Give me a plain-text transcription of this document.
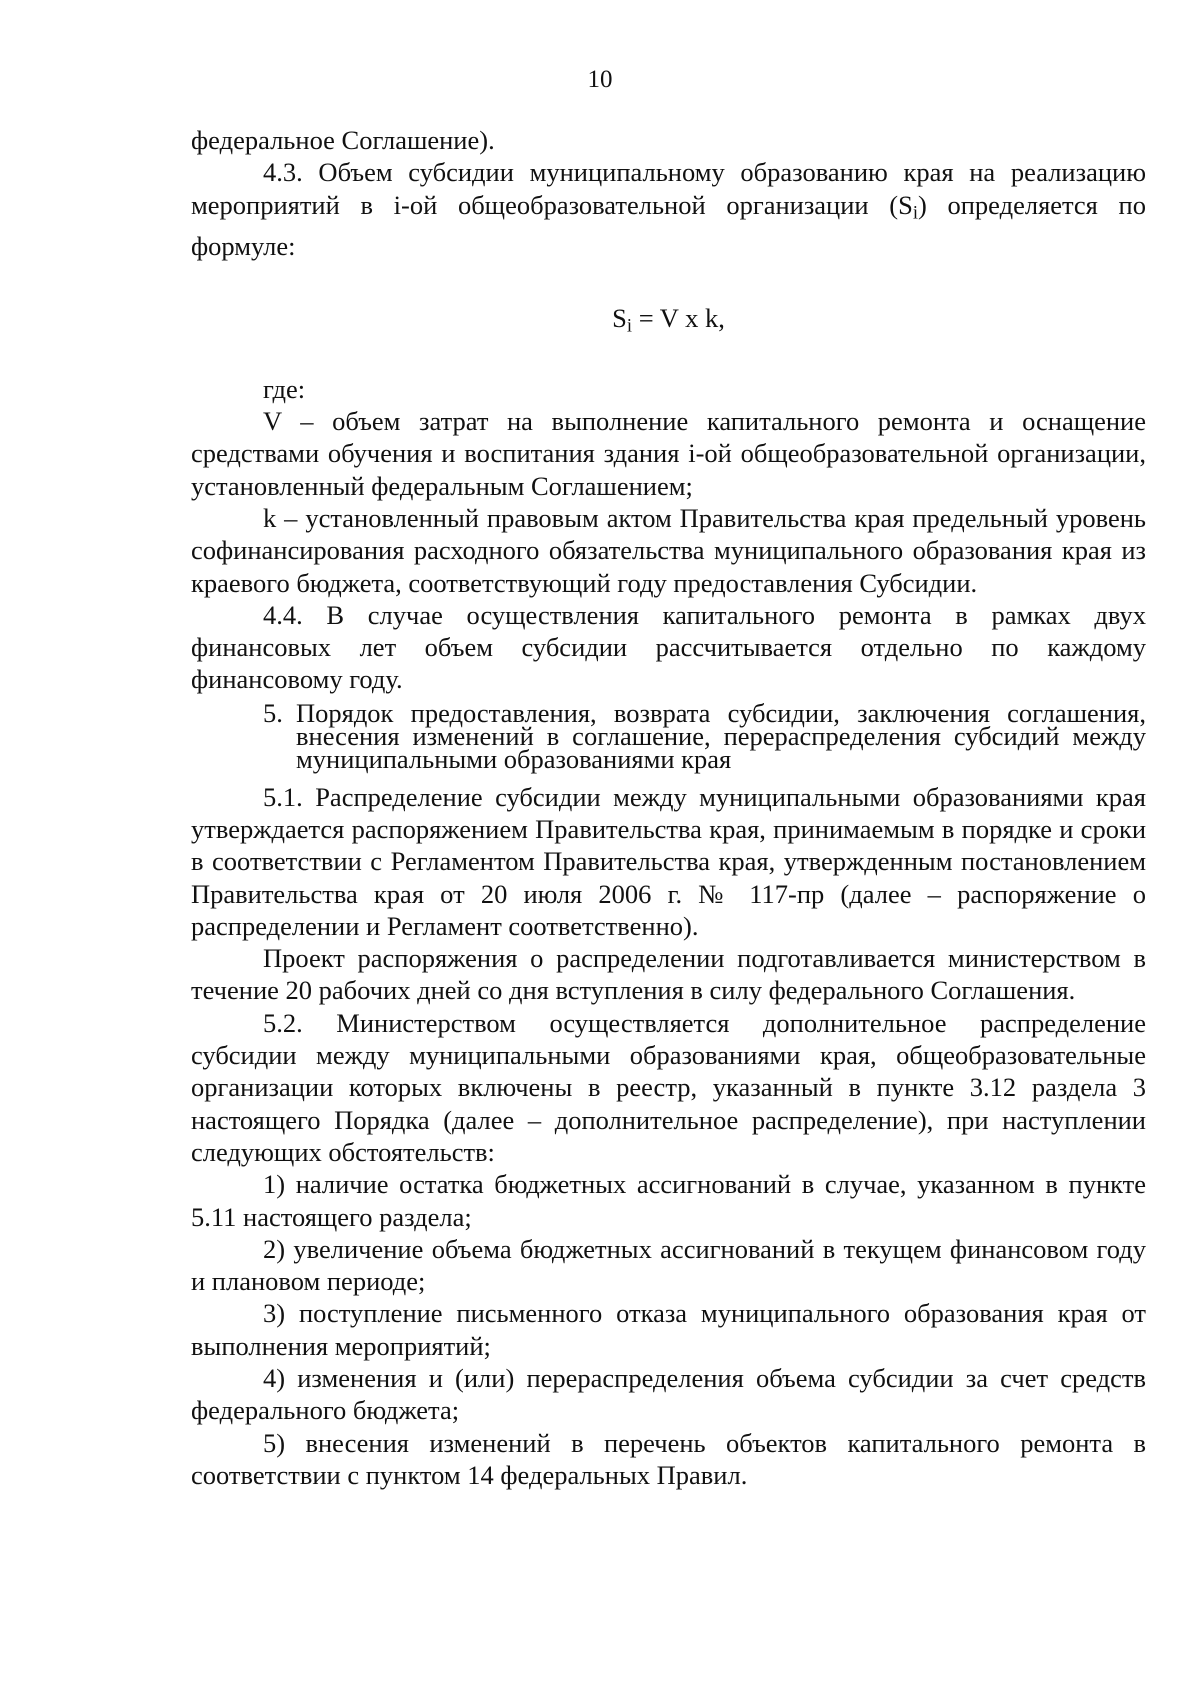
10

федеральное Соглашение).

4.3. Объем субсидии муниципальному образованию края на реализацию мероприятий в i-ой общеобразовательной организации $(S_i)$ определяется по формуле:

$S_i = V$ x k,

где:

V – объем затрат на выполнение капитального ремонта и оснащение средствами обучения и воспитания здания i-ой общеобразовательной организации, установленный федеральным Соглашением;

k – установленный правовым актом Правительства края предельный уровень софинансирования расходного обязательства муниципального образования края из краевого бюджета, соответствующий году предоставления Субсидии.

4.4. В случае осуществления капитального ремонта в рамках двух финансовых лет объем субсидии рассчитывается отдельно по каждому финансовому году.

5. Порядок предоставления, возврата субсидии, заключения соглашения, внесения изменений в соглашение, перераспределения субсидий между муниципальными образованиями края

5.1. Распределение субсидии между муниципальными образованиями края утверждается распоряжением Правительства края, принимаемым в порядке и сроки в соответствии с Регламентом Правительства края, утвержденным постановлением Правительства края от 20 июля 2006 г. № 117-пр (далее – распоряжение о распределении и Регламент соответственно).

Проект распоряжения о распределении подготавливается министерством в течение 20 рабочих дней со дня вступления в силу федерального Соглашения.

5.2. Министерством осуществляется дополнительное распределение субсидии между муниципальными образованиями края, общеобразовательные организации которых включены в реестр, указанный в пункте 3.12 раздела 3 настоящего Порядка (далее – дополнительное распределение), при наступлении следующих обстоятельств:

1) наличие остатка бюджетных ассигнований в случае, указанном в пункте 5.11 настоящего раздела;

2) увеличение объема бюджетных ассигнований в текущем финансовом году и плановом периоде;

3) поступление письменного отказа муниципального образования края от выполнения мероприятий;

4) изменения и (или) перераспределения объема субсидии за счет средств федерального бюджета;

5) внесения изменений в перечень объектов капитального ремонта в соответствии с пунктом 14 федеральных Правил.
